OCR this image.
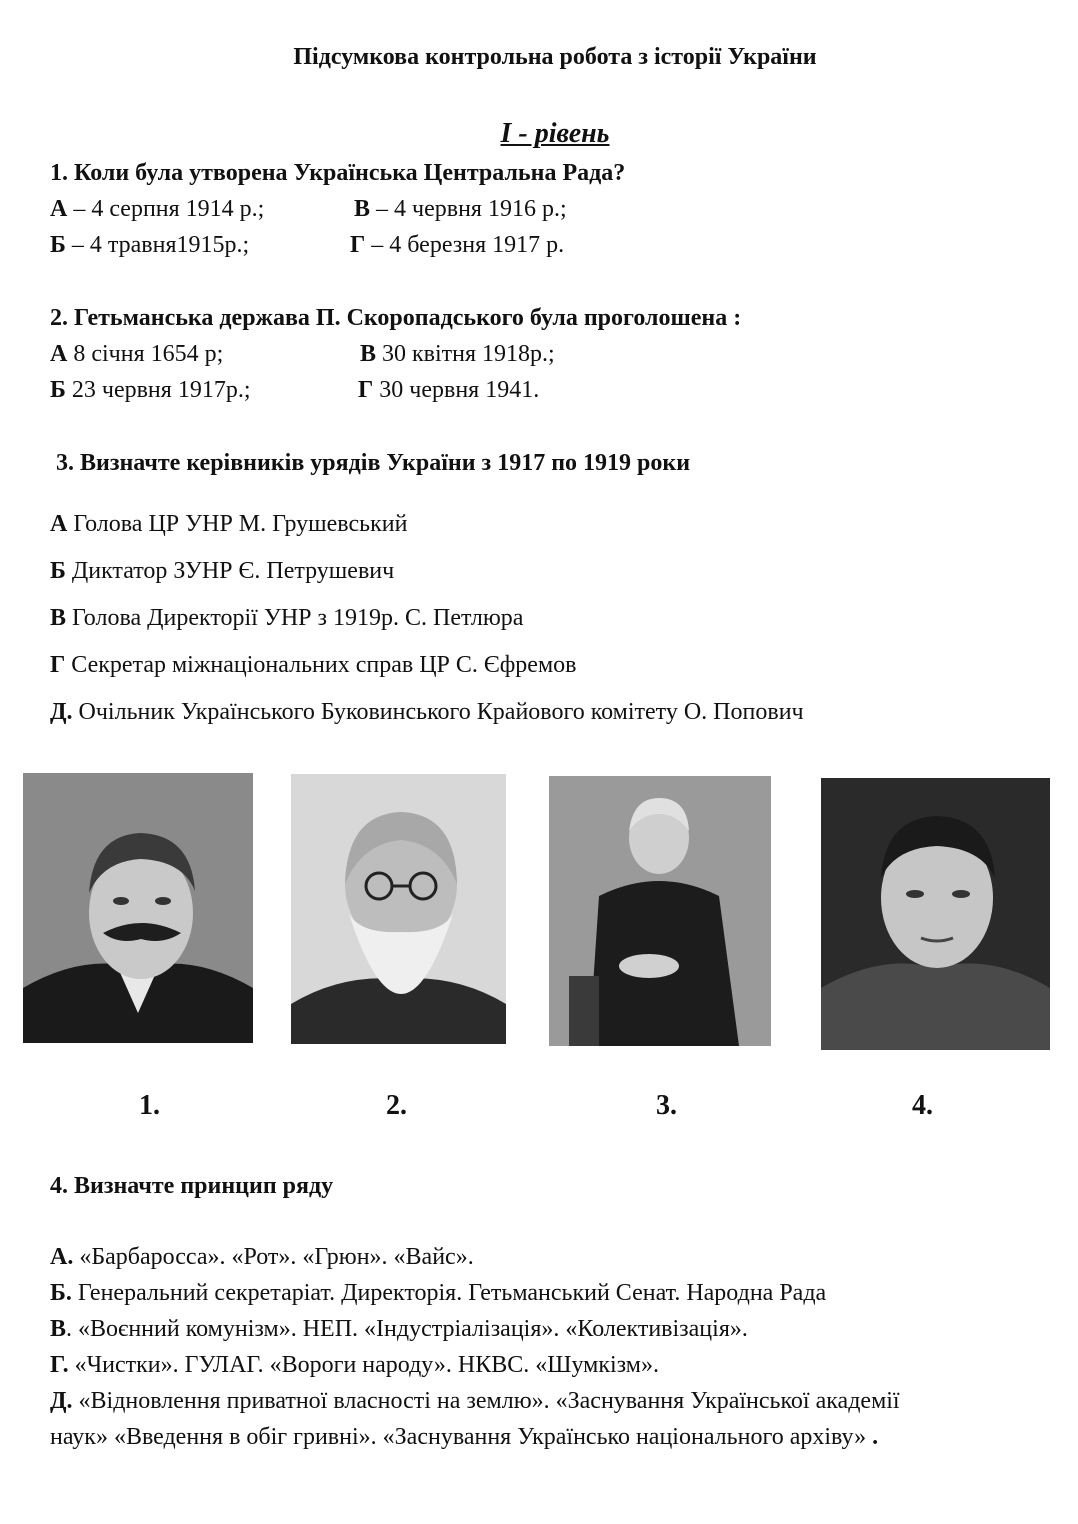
Підсумкова контрольна робота з історії України
І - рівень
1. Коли була утворена Українська Центральна Рада?
А – 4 серпня 1914 р.;	В – 4 червня 1916 р.;
Б – 4 травня1915р.;	Г – 4 березня 1917 р.
2. Гетьманська держава П. Скоропадського була проголошена :
А 8 січня 1654 р;	В 30 квітня 1918р.;
Б 23 червня 1917р.;	Г 30 червня 1941.
3. Визначте керівників урядів України з 1917 по 1919 роки
А Голова ЦР УНР М. Грушевський
Б Диктатор ЗУНР Є. Петрушевич
В Голова Директорії УНР з 1919р. С. Петлюра
Г Секретар міжнаціональних справ ЦР С. Єфремов
Д. Очільник Українського Буковинського Крайового комітету О. Попович
1.	2.	3.	4.
4. Визначте принцип ряду
А. «Барбаросса». «Рот». «Грюн». «Вайс».
Б. Генеральний секретаріат. Директорія. Гетьманський Сенат. Народна Рада
В. «Воєнний комунізм». НЕП. «Індустріалізація». «Колективізація».
Г. «Чистки». ГУЛАГ. «Вороги народу». НКВС. «Шумкізм».
Д. «Відновлення приватної власності на землю». «Заснування Української академії
наук» «Введення в обіг гривні». «Заснування Українсько національного архіву» .
